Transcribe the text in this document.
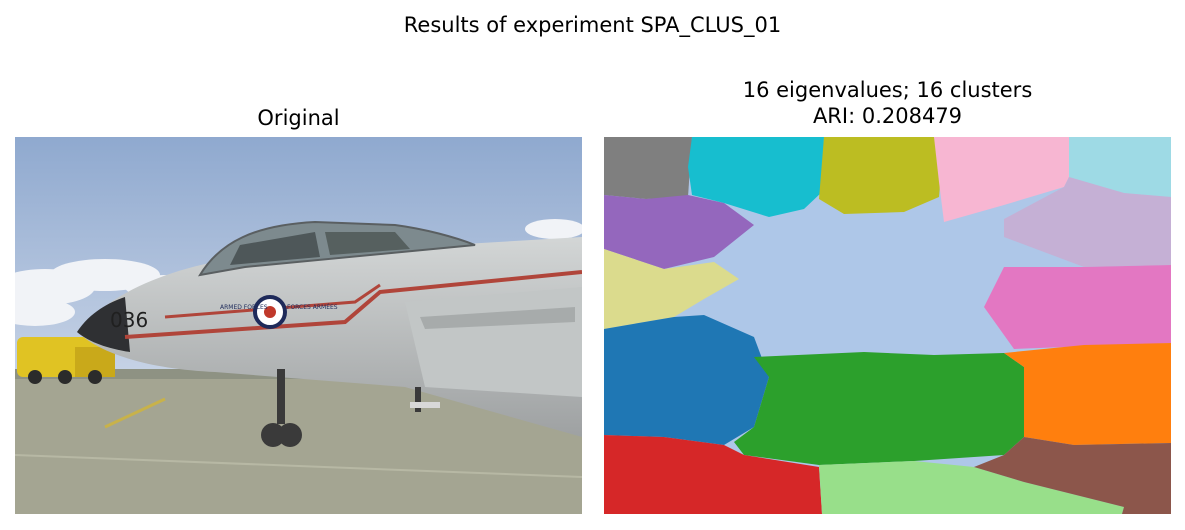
Results of experiment SPA_CLUS_01
Original
16 eigenvalues; 16 clusters
ARI: 0.208479
036
ARMED FORCES	FORCES ARMÉES
